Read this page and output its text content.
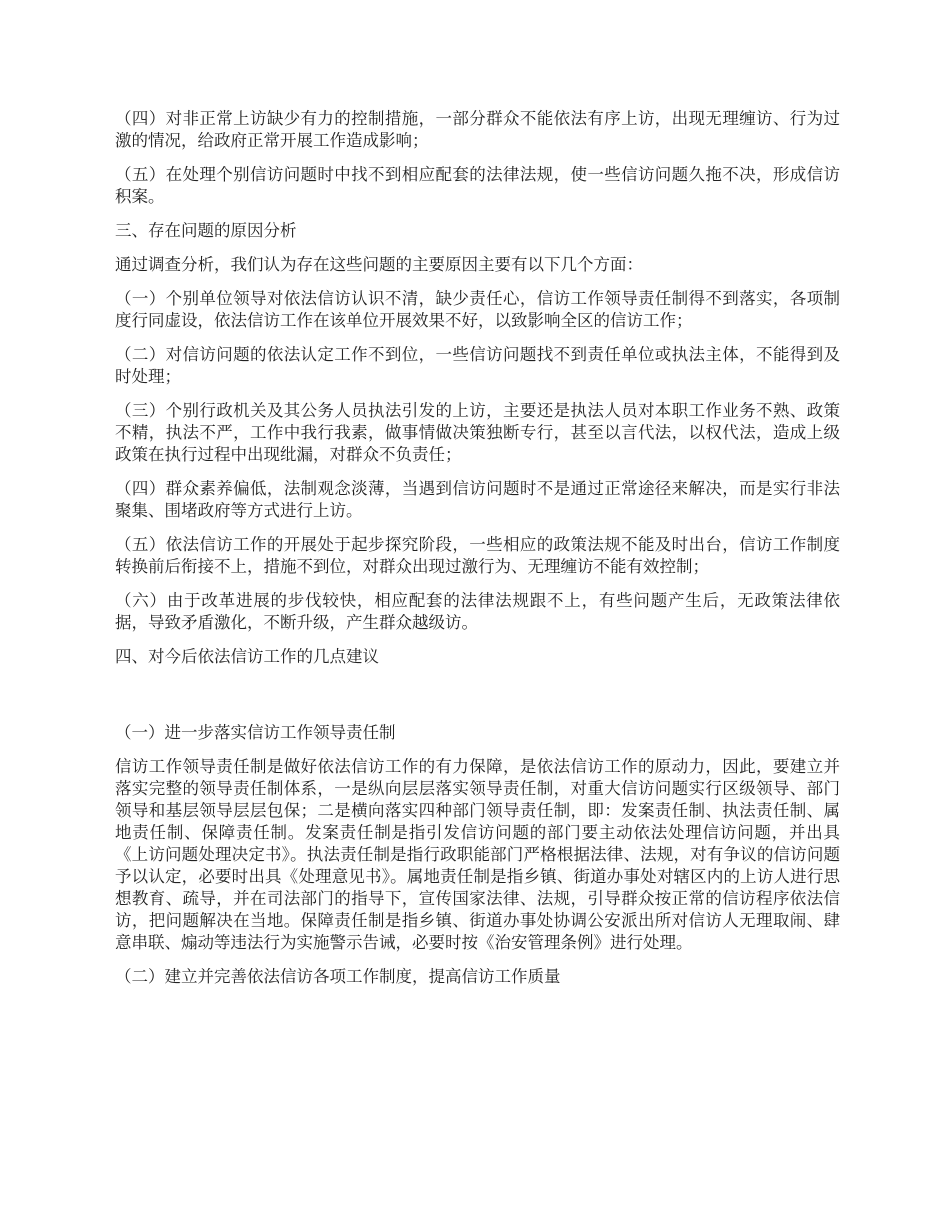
（四）对非正常上访缺少有力的控制措施，一部分群众不能依法有序上访，出现无理缠访、行为过激的情况，给政府正常开展工作造成影响；

（五）在处理个别信访问题时中找不到相应配套的法律法规，使一些信访问题久拖不决，形成信访积案。

三、存在问题的原因分析

通过调查分析，我们认为存在这些问题的主要原因主要有以下几个方面：

（一）个别单位领导对依法信访认识不清，缺少责任心，信访工作领导责任制得不到落实，各项制度行同虚设，依法信访工作在该单位开展效果不好，以致影响全区的信访工作；

（二）对信访问题的依法认定工作不到位，一些信访问题找不到责任单位或执法主体，不能得到及时处理；

（三）个别行政机关及其公务人员执法引发的上访，主要还是执法人员对本职工作业务不熟、政策不精，执法不严，工作中我行我素，做事情做决策独断专行，甚至以言代法，以权代法，造成上级政策在执行过程中出现纰漏，对群众不负责任；

（四）群众素养偏低，法制观念淡薄，当遇到信访问题时不是通过正常途径来解决，而是实行非法聚集、围堵政府等方式进行上访。

（五）依法信访工作的开展处于起步探究阶段，一些相应的政策法规不能及时出台，信访工作制度转换前后衔接不上，措施不到位，对群众出现过激行为、无理缠访不能有效控制；

（六）由于改革进展的步伐较快，相应配套的法律法规跟不上，有些问题产生后，无政策法律依据，导致矛盾激化，不断升级，产生群众越级访。

四、对今后依法信访工作的几点建议

（一）进一步落实信访工作领导责任制

信访工作领导责任制是做好依法信访工作的有力保障，是依法信访工作的原动力，因此，要建立并落实完整的领导责任制体系，一是纵向层层落实领导责任制，对重大信访问题实行区级领导、部门领导和基层领导层层包保；二是横向落实四种部门领导责任制，即：发案责任制、执法责任制、属地责任制、保障责任制。发案责任制是指引发信访问题的部门要主动依法处理信访问题，并出具《上访问题处理决定书》。执法责任制是指行政职能部门严格根据法律、法规，对有争议的信访问题予以认定，必要时出具《处理意见书》。属地责任制是指乡镇、街道办事处对辖区内的上访人进行思想教育、疏导，并在司法部门的指导下，宣传国家法律、法规，引导群众按正常的信访程序依法信访，把问题解决在当地。保障责任制是指乡镇、街道办事处协调公安派出所对信访人无理取闹、肆意串联、煽动等违法行为实施警示告诫，必要时按《治安管理条例》进行处理。

（二）建立并完善依法信访各项工作制度，提高信访工作质量
